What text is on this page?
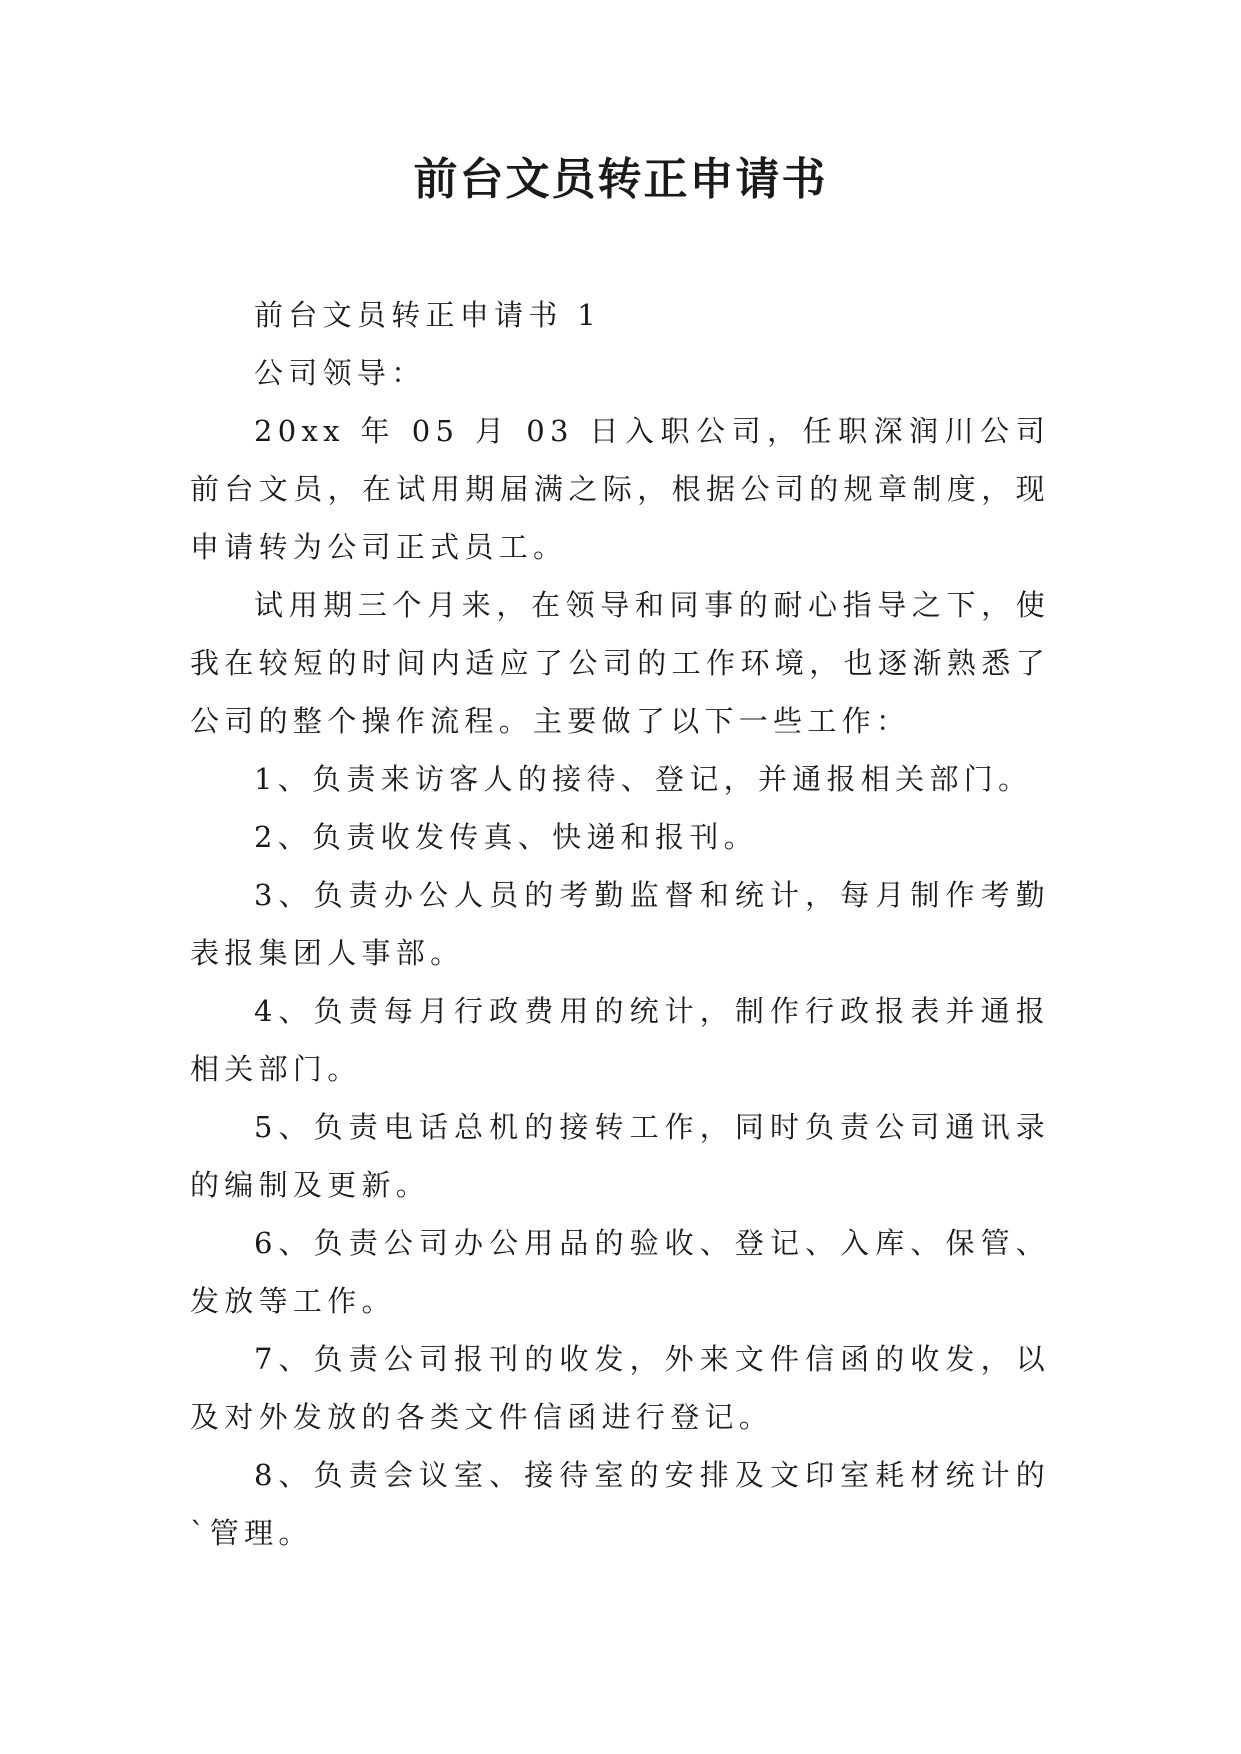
前台文员转正申请书

前台文员转正申请书 1

公司领导：

20xx 年 05 月 03 日入职公司，任职深润川公司前台文员，在试用期届满之际，根据公司的规章制度，现申请转为公司正式员工。

试用期三个月来，在领导和同事的耐心指导之下，使我在较短的时间内适应了公司的工作环境，也逐渐熟悉了公司的整个操作流程。主要做了以下一些工作：

1、负责来访客人的接待、登记，并通报相关部门。

2、负责收发传真、快递和报刊。

3、负责办公人员的考勤监督和统计，每月制作考勤表报集团人事部。

4、负责每月行政费用的统计，制作行政报表并通报相关部门。

5、负责电话总机的接转工作，同时负责公司通讯录的编制及更新。

6、负责公司办公用品的验收、登记、入库、保管、发放等工作。

7、负责公司报刊的收发，外来文件信函的收发，以及对外发放的各类文件信函进行登记。

8、负责会议室、接待室的安排及文印室耗材统计的`管理。
